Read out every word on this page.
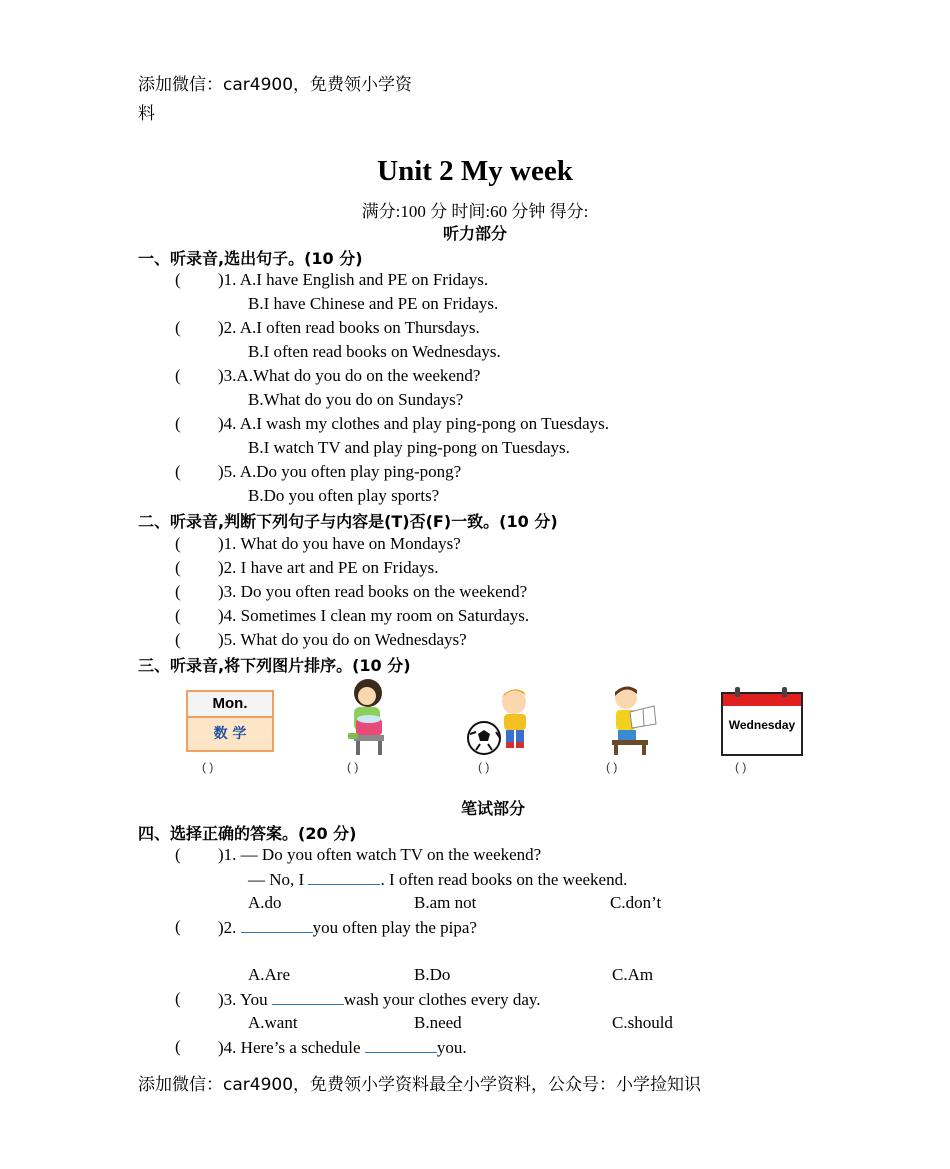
添加微信：car4900，免费领小学资
料
Unit 2 My week
满分:100 分 时间:60 分钟 得分:
听力部分
一、听录音,选出句子。(10 分)
( )1. A.I have English and PE on Fridays.
B.I have Chinese and PE on Fridays.
( )2. A.I often read books on Thursdays.
B.I often read books on Wednesdays.
( )3.A.What do you do on the weekend?
B.What do you do on Sundays?
( )4. A.I wash my clothes and play ping-pong on Tuesdays.
B.I watch TV and play ping-pong on Tuesdays.
( )5. A.Do you often play ping-pong?
B.Do you often play sports?
二、听录音,判断下列句子与内容是(T)否(F)一致。(10 分)
( )1. What do you have on Mondays?
( )2. I have art and PE on Fridays.
( )3. Do you often read books on the weekend?
( )4. Sometimes I clean my room on Saturdays.
( )5. What do you do on Wednesdays?
三、听录音,将下列图片排序。(10 分)
Mon.
数 学
Wednesday
( )	( )	( )	( )	( )
笔试部分
四、选择正确的答案。(20 分)
( )1. — Do you often watch TV on the weekend?
— No, I	. I often read books on the weekend.
A.do	B.am not	C.don’t
( )2.	you often play the pipa?
A.Are	B.Do	C.Am
( )3. You	wash your clothes every day.
A.want	B.need	C.should
( )4. Here’s a schedule	you.
添加微信：car4900，免费领小学资料最全小学资料，公众号：小学捡知识
